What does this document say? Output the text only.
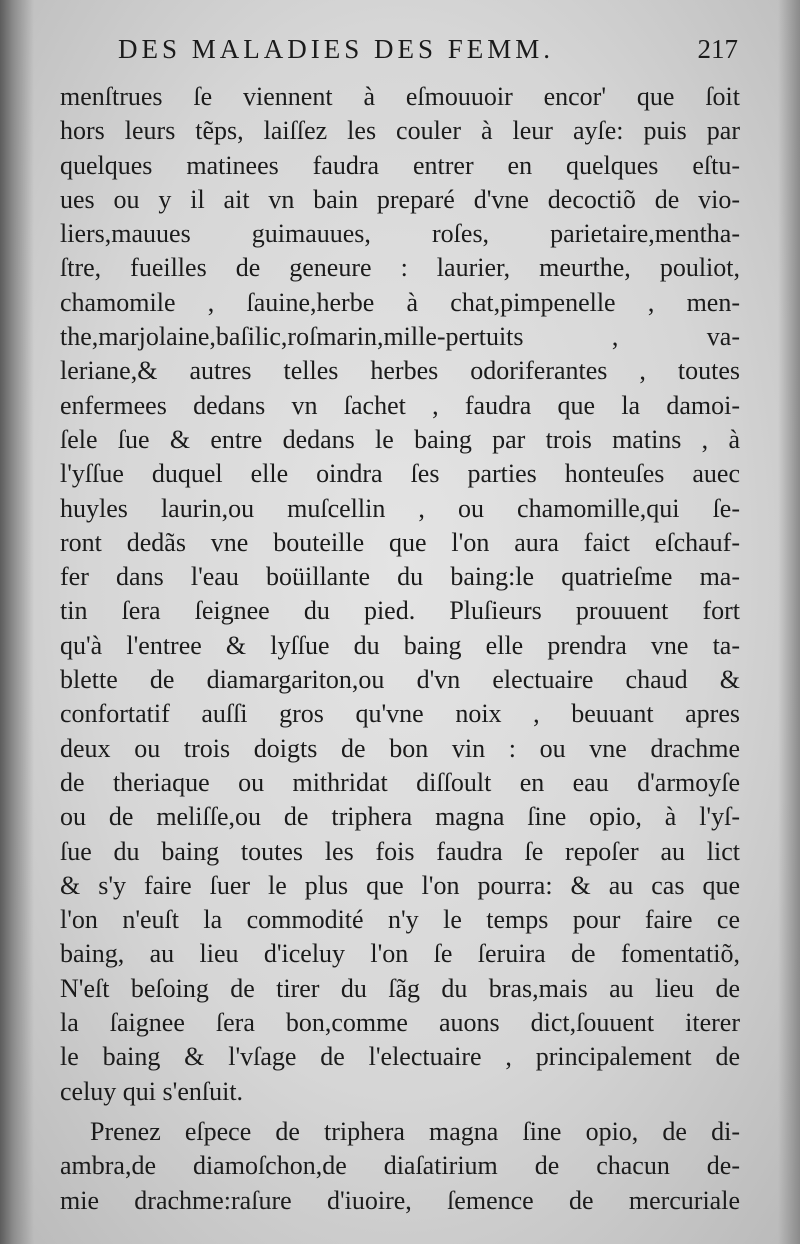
DES MALADIES DES FEMM.	217
menſtrues ſe viennent à eſmouuoir encor' que ſoit
hors leurs tẽps, laiſſez les couler à leur ayſe: puis par
quelques matinees faudra entrer en quelques eſtu-
ues ou y il ait vn bain preparé d'vne decoctiõ de vio-
liers,mauues guimauues, roſes, parietaire,mentha-
ſtre, fueilles de geneure : laurier, meurthe, pouliot,
chamomile , ſauine,herbe à chat,pimpenelle , men-
the,marjolaine,baſilic,roſmarin,mille-pertuits , va-
leriane,& autres telles herbes odoriferantes , toutes
enfermees dedans vn ſachet , faudra que la damoi-
ſele ſue & entre dedans le baing par trois matins , à
l'yſſue duquel elle oindra ſes parties honteuſes auec
huyles laurin,ou muſcellin , ou chamomille,qui ſe-
ront dedãs vne bouteille que l'on aura faict eſchauf-
fer dans l'eau boüillante du baing:le quatrieſme ma-
tin ſera ſeignee du pied. Pluſieurs prouuent fort
qu'à l'entree & lyſſue du baing elle prendra vne ta-
blette de diamargariton,ou d'vn electuaire chaud &
confortatif auſſi gros qu'vne noix , beuuant apres
deux ou trois doigts de bon vin : ou vne drachme
de theriaque ou mithridat diſſoult en eau d'armoyſe
ou de meliſſe,ou de triphera magna ſine opio, à l'yſ-
ſue du baing toutes les fois faudra ſe repoſer au lict
& s'y faire ſuer le plus que l'on pourra: & au cas que
l'on n'euſt la commodité n'y le temps pour faire ce
baing, au lieu d'iceluy l'on ſe ſeruira de fomentatiõ,
N'eſt beſoing de tirer du ſãg du bras,mais au lieu de
la ſaignee ſera bon,comme auons dict,ſouuent iterer
le baing & l'vſage de l'electuaire , principalement de
celuy qui s'enſuit.
Prenez eſpece de triphera magna ſine opio, de di-
ambra,de diamoſchon,de diaſatirium de chacun de-
mie drachme:raſure d'iuoire, ſemence de mercuriale
